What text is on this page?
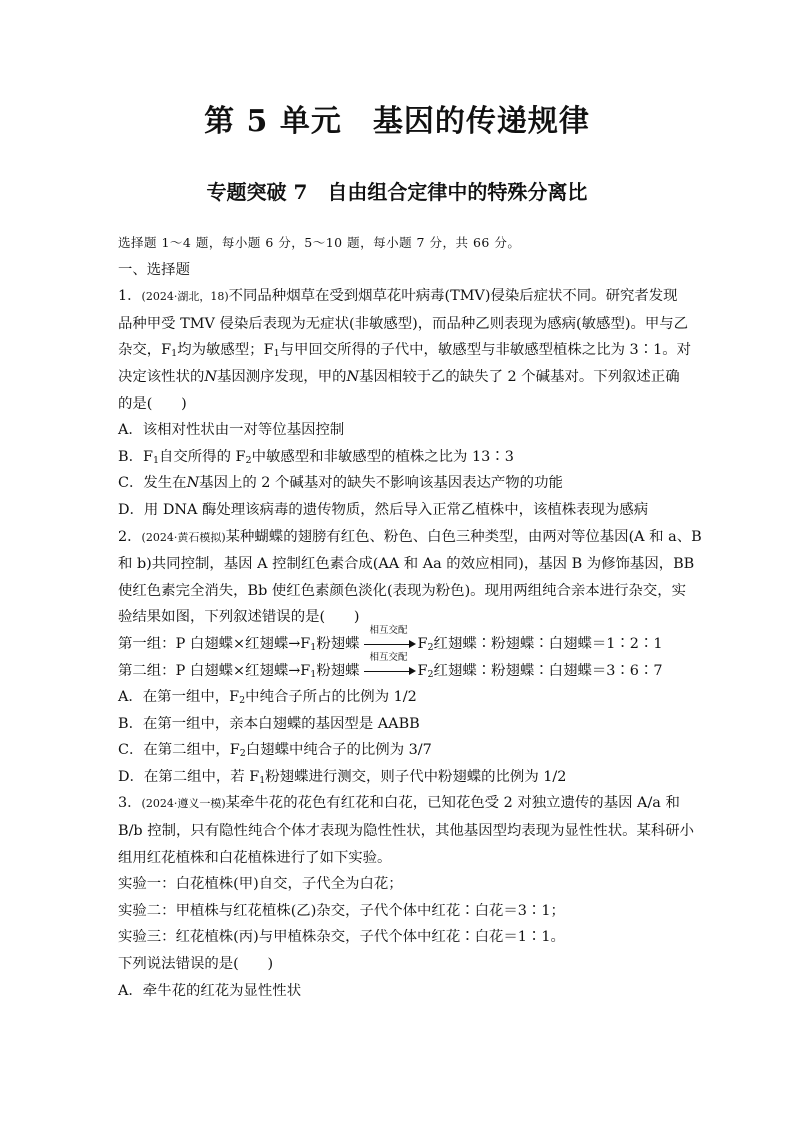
第 5 单元　基因的传递规律
专题突破 7　自由组合定律中的特殊分离比
选择题 1～4 题，每小题 6 分，5～10 题，每小题 7 分，共 66 分。
一、选择题
1．(2024·湖北，18)不同品种烟草在受到烟草花叶病毒(TMV)侵染后症状不同。研究者发现
品种甲受 TMV 侵染后表现为无症状(非敏感型)，而品种乙则表现为感病(敏感型)。甲与乙
杂交，$F_1$均为敏感型；$F_1$与甲回交所得的子代中，敏感型与非敏感型植株之比为 3∶1。对
决定该性状的N基因测序发现，甲的N基因相较于乙的缺失了 2 个碱基对。下列叙述正确
的是(　　)
A．该相对性状由一对等位基因控制
B．$F_1$自交所得的 $F_2$中敏感型和非敏感型的植株之比为 13∶3
C．发生在N基因上的 2 个碱基对的缺失不影响该基因表达产物的功能
D．用 DNA 酶处理该病毒的遗传物质，然后导入正常乙植株中，该植株表现为感病
2．(2024·黄石模拟)某种蝴蝶的翅膀有红色、粉色、白色三种类型，由两对等位基因(A 和 a、B
和 b)共同控制，基因 A 控制红色素合成(AA 和 Aa 的效应相同)，基因 B 为修饰基因，BB
使红色素完全消失，Bb 使红色素颜色淡化(表现为粉色)。现用两组纯合亲本进行杂交，实
验结果如图，下列叙述错误的是(　　)
第一组：P 白翅蝶×红翅蝶$\to F_1$粉翅蝶
相互交配
$F_2$红翅蝶∶粉翅蝶∶白翅蝶＝1∶2∶1
第二组：P 白翅蝶×红翅蝶$\to F_1$粉翅蝶
相互交配
$F_2$红翅蝶∶粉翅蝶∶白翅蝶＝3∶6∶7
A．在第一组中，$F_2$中纯合子所占的比例为 1/2
B．在第一组中，亲本白翅蝶的基因型是 AABB
C．在第二组中，$F_2$白翅蝶中纯合子的比例为 3/7
D．在第二组中，若 $F_1$粉翅蝶进行测交，则子代中粉翅蝶的比例为 1/2
3．(2024·遵义一模)某牵牛花的花色有红花和白花，已知花色受 2 对独立遗传的基因 A/a 和
B/b 控制，只有隐性纯合个体才表现为隐性性状，其他基因型均表现为显性性状。某科研小
组用红花植株和白花植株进行了如下实验。
实验一：白花植株(甲)自交，子代全为白花；
实验二：甲植株与红花植株(乙)杂交，子代个体中红花∶白花＝3∶1；
实验三：红花植株(丙)与甲植株杂交，子代个体中红花∶白花＝1∶1。
下列说法错误的是(　　)
A．牵牛花的红花为显性性状
